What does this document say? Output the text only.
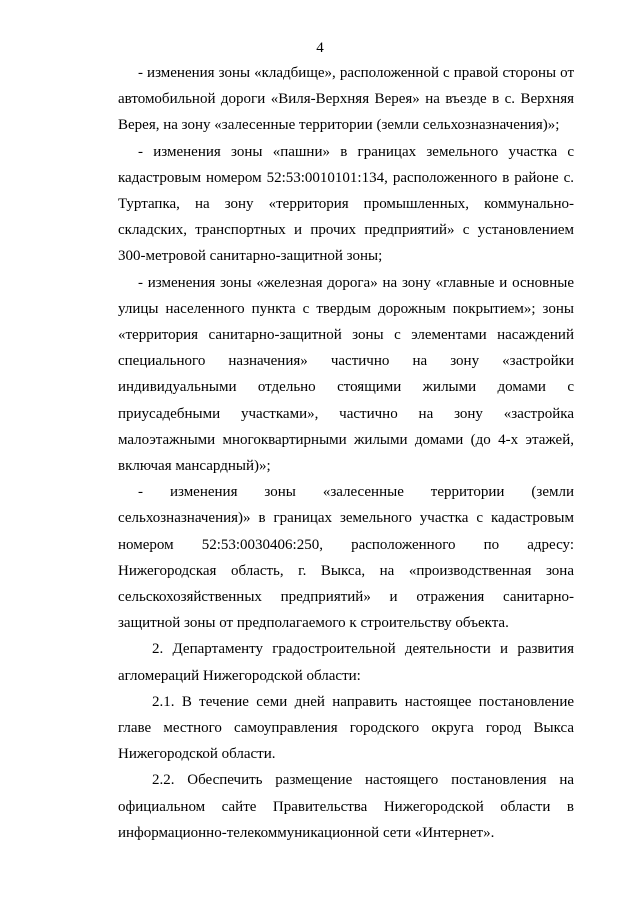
4

- изменения зоны «кладбище», расположенной с правой стороны от автомобильной дороги «Виля-Верхняя Верея» на въезде в с. Верхняя Верея, на зону «залесенные территории (земли сельхозназначения)»;

- изменения зоны «пашни» в границах земельного участка с кадастровым номером 52:53:0010101:134, расположенного в районе с. Туртапка, на зону «территория промышленных, коммунально-складских, транспортных и прочих предприятий» с установлением 300-метровой санитарно-защитной зоны;

- изменения зоны «железная дорога» на зону «главные и основные улицы населенного пункта с твердым дорожным покрытием»; зоны «территория санитарно-защитной зоны с элементами насаждений специального назначения» частично на зону «застройки индивидуальными отдельно стоящими жилыми домами с приусадебными участками», частично на зону «застройка малоэтажными многоквартирными жилыми домами (до 4-х этажей, включая мансардный)»;

- изменения зоны «залесенные территории (земли сельхозназначения)» в границах земельного участка с кадастровым номером 52:53:0030406:250, расположенного по адресу: Нижегородская область, г. Выкса, на «производственная зона сельскохозяйственных предприятий» и отражения санитарно-защитной зоны от предполагаемого к строительству объекта.

2. Департаменту градостроительной деятельности и развития агломераций Нижегородской области:

2.1. В течение семи дней направить настоящее постановление главе местного самоуправления городского округа город Выкса Нижегородской области.

2.2. Обеспечить размещение настоящего постановления на официальном сайте Правительства Нижегородской области в информационно-телекоммуникационной сети «Интернет».
